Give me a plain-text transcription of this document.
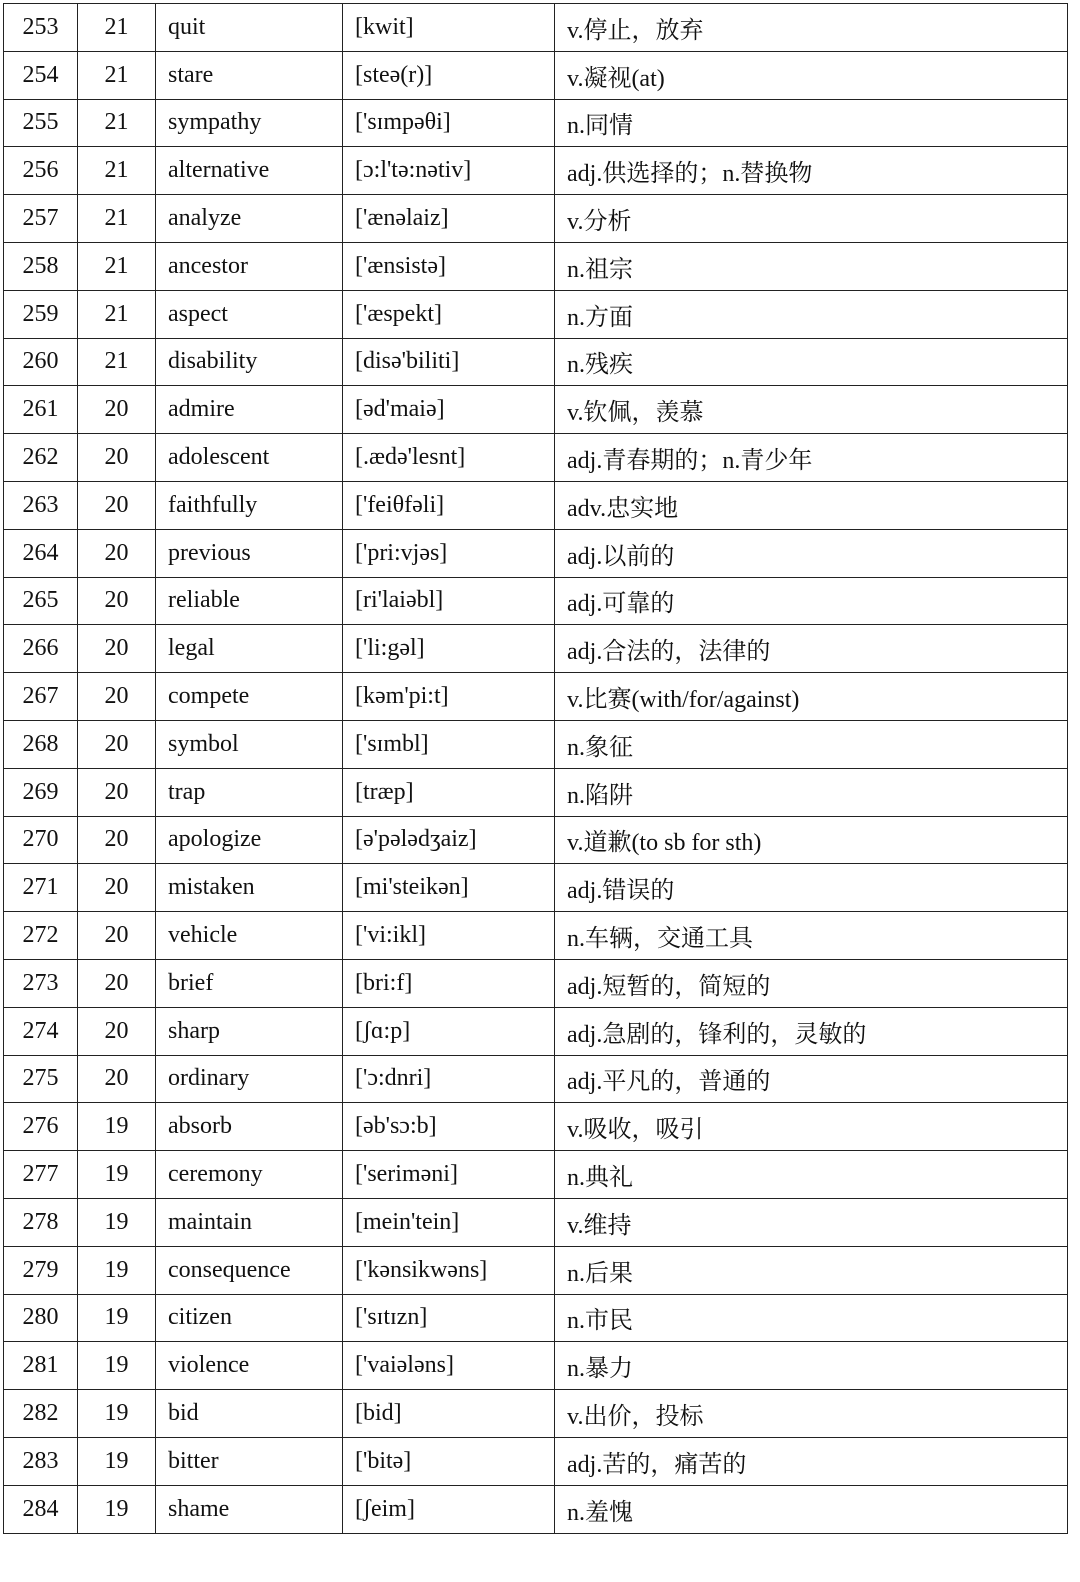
253	21	quit	[kwit]	v.停止，放弃
254	21	stare	[steə(r)]	v.凝视(at)
255	21	sympathy	['sɪmpəθi]	n.同情
256	21	alternative	[ɔ:l'tə:nətiv]	adj.供选择的；n.替换物
257	21	analyze	['ænəlaiz]	v.分析
258	21	ancestor	['ænsistə]	n.祖宗
259	21	aspect	['æspekt]	n.方面
260	21	disability	[disə'biliti]	n.残疾
261	20	admire	[əd'maiə]	v.钦佩，羡慕
262	20	adolescent	[.ædə'lesnt]	adj.青春期的；n.青少年
263	20	faithfully	['feiθfəli]	adv.忠实地
264	20	previous	['pri:vjəs]	adj.以前的
265	20	reliable	[ri'laiəbl]	adj.可靠的
266	20	legal	['li:gəl]	adj.合法的，法律的
267	20	compete	[kəm'pi:t]	v.比赛(with/for/against)
268	20	symbol	['sɪmbl]	n.象征
269	20	trap	[træp]	n.陷阱
270	20	apologize	[ə'pələdʒaiz]	v.道歉(to sb for sth)
271	20	mistaken	[mi'steikən]	adj.错误的
272	20	vehicle	['vi:ikl]	n.车辆，交通工具
273	20	brief	[bri:f]	adj.短暂的，简短的
274	20	sharp	[ʃɑ:p]	adj.急剧的，锋利的，灵敏的
275	20	ordinary	['ɔ:dnri]	adj.平凡的，普通的
276	19	absorb	[əb'sɔ:b]	v.吸收，吸引
277	19	ceremony	['seriməni]	n.典礼
278	19	maintain	[mein'tein]	v.维持
279	19	consequence	['kənsikwəns]	n.后果
280	19	citizen	['sɪtɪzn]	n.市民
281	19	violence	['vaiələns]	n.暴力
282	19	bid	[bid]	v.出价，投标
283	19	bitter	['bitə]	adj.苦的，痛苦的
284	19	shame	[ʃeim]	n.羞愧
